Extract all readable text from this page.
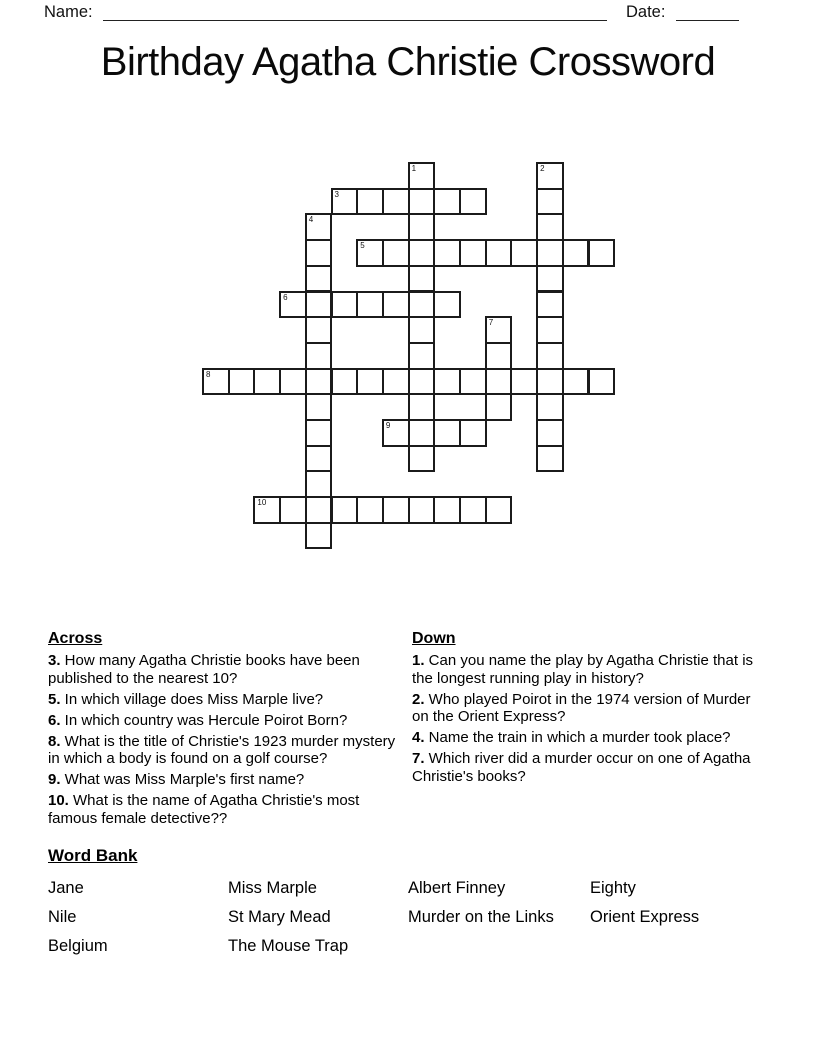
Name:	Date:
Birthday Agatha Christie Crossword
1	2
3
4
5
6
7
8
9
10
Across
3. How many Agatha Christie books have been published to the nearest 10?
5. In which village does Miss Marple live?
6. In which country was Hercule Poirot Born?
8. What is the title of Christie's 1923 murder mystery in which a body is found on a golf course?
9. What was Miss Marple's first name?
10. What is the name of Agatha Christie's most famous female detective??
Down
1. Can you name the play by Agatha Christie that is the longest running play in history?
2. Who played Poirot in the 1974 version of Murder on the Orient Express?
4. Name the train in which a murder took place?
7. Which river did a murder occur on one of Agatha Christie's books?
Word Bank
Jane
Nile
Belgium
Miss Marple
St Mary Mead
The Mouse Trap
Albert Finney
Murder on the Links
Eighty
Orient Express
